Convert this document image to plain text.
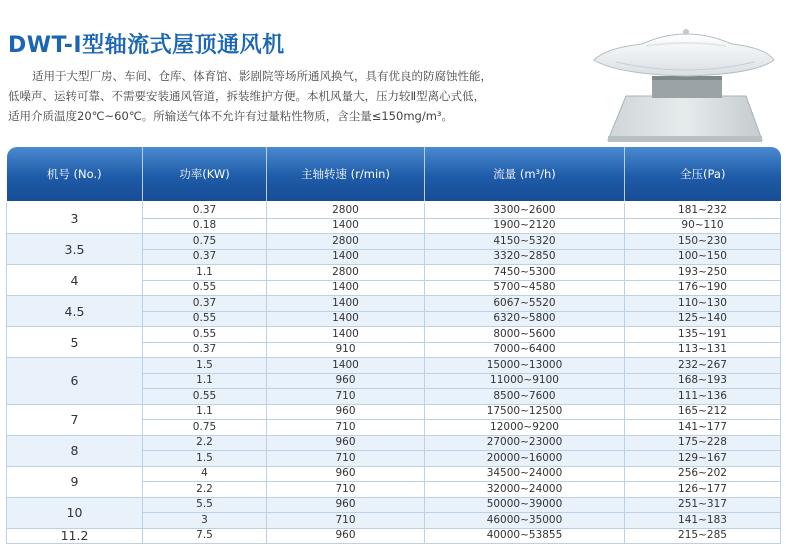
DWT-Ⅰ型轴流式屋顶通风机

适用于大型厂房、车间、仓库、体育馆、影剧院等场所通风换气，具有优良的防腐蚀性能，

低噪声、运转可靠、不需要安装通风管道，拆装维护方便。本机风量大，压力较Ⅱ型离心式低，

适用介质温度20℃~60℃。所输送气体不允许有过量粘性物质，含尘量≤150mg/m³。

机号 (No.)	功率(KW)	主轴转速 (r/min)	流量 (m³/h)	全压(Pa)
3	0.37	2800	3300~2600	181~232
	0.18	1400	1900~2120	90~110
3.5	0.75	2800	4150~5320	150~230
	0.37	1400	3320~2850	100~150
4	1.1	2800	7450~5300	193~250
	0.55	1400	5700~4580	176~190
4.5	0.37	1400	6067~5520	110~130
	0.55	1400	6320~5800	125~140
5	0.55	1400	8000~5600	135~191
	0.37	910	7000~6400	113~131
6	1.5	1400	15000~13000	232~267
	1.1	960	11000~9100	168~193
	0.55	710	8500~7600	111~136
7	1.1	960	17500~12500	165~212
	0.75	710	12000~9200	141~177
8	2.2	960	27000~23000	175~228
	1.5	710	20000~16000	129~167
9	4	960	34500~24000	256~202
	2.2	710	32000~24000	126~177
10	5.5	960	50000~39000	251~317
	3	710	46000~35000	141~183
11.2	7.5	960	40000~53855	215~285
